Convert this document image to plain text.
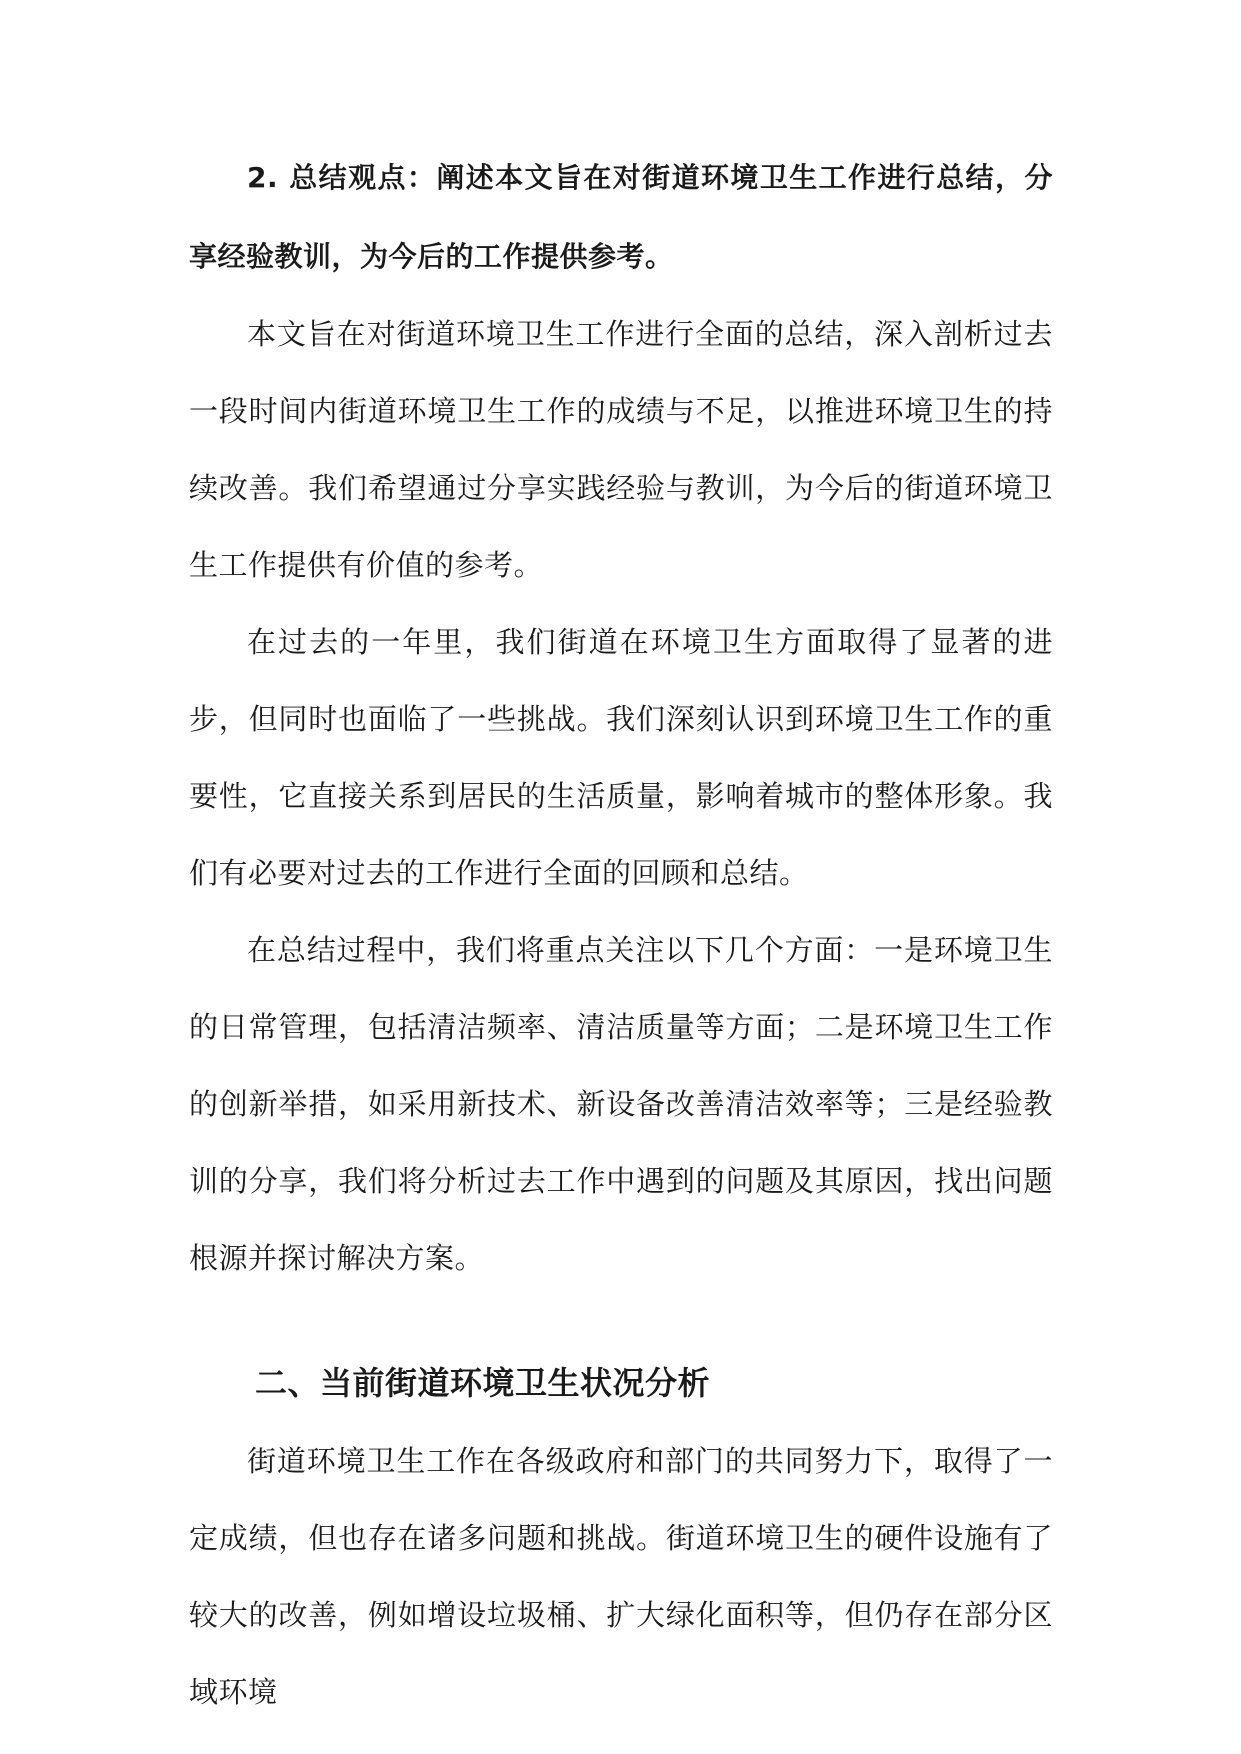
2. 总结观点：阐述本文旨在对街道环境卫生工作进行总结，分享经验教训，为今后的工作提供参考。

本文旨在对街道环境卫生工作进行全面的总结，深入剖析过去一段时间内街道环境卫生工作的成绩与不足，以推进环境卫生的持续改善。我们希望通过分享实践经验与教训，为今后的街道环境卫生工作提供有价值的参考。

在过去的一年里，我们街道在环境卫生方面取得了显著的进步，但同时也面临了一些挑战。我们深刻认识到环境卫生工作的重要性，它直接关系到居民的生活质量，影响着城市的整体形象。我们有必要对过去的工作进行全面的回顾和总结。

在总结过程中，我们将重点关注以下几个方面：一是环境卫生的日常管理，包括清洁频率、清洁质量等方面；二是环境卫生工作的创新举措，如采用新技术、新设备改善清洁效率等；三是经验教训的分享，我们将分析过去工作中遇到的问题及其原因，找出问题根源并探讨解决方案。

二、当前街道环境卫生状况分析

街道环境卫生工作在各级政府和部门的共同努力下，取得了一定成绩，但也存在诸多问题和挑战。街道环境卫生的硬件设施有了较大的改善，例如增设垃圾桶、扩大绿化面积等，但仍存在部分区域环境
